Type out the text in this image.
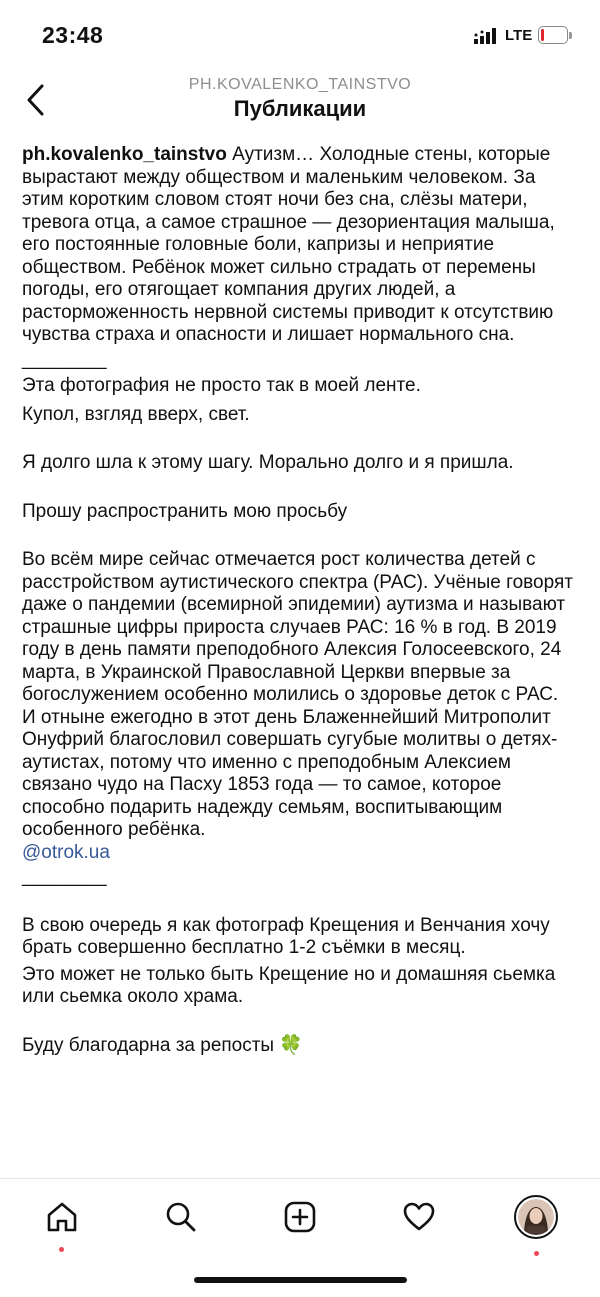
23:48	LTE
PH.KOVALENKO_TAINSTVO
Публикации

ph.kovalenko_tainstvo Аутизм… Холодные стены, которые вырастают между обществом и маленьким человеком. За этим коротким словом стоят ночи без сна, слёзы матери, тревога отца, а самое страшное — дезориентация малыша, его постоянные головные боли, капризы и неприятие обществом. Ребёнок может сильно страдать от перемены погоды, его отягощает компания других людей, а расторможенность нервной системы приводит к отсутствию чувства страха и опасности и лишает нормального сна.

________

Эта фотография не просто так в моей ленте.

Купол, взгляд вверх, свет.

Я долго шла к этому шагу. Морально долго и я пришла.

Прошу распространить мою просьбу

Во всём мире сейчас отмечается рост количества детей с расстройством аутистического спектра (РАС). Учёные говорят даже о пандемии (всемирной эпидемии) аутизма и называют страшные цифры прироста случаев РАС: 16 % в год. В 2019 году в день памяти преподобного Алексия Голосеевского, 24 марта, в Украинской Православной Церкви впервые за богослужением особенно молились о здоровье деток с РАС.

И отныне ежегодно в этот день Блаженнейший Митрополит Онуфрий благословил совершать сугубые молитвы о детях-аутистах, потому что именно с преподобным Алексием связано чудо на Пасху 1853 года — то самое, которое способно подарить надежду семьям, воспитывающим особенного ребёнка.

@otrok.ua

________

В свою очередь я как фотограф Крещения и Венчания хочу брать совершенно бесплатно 1-2 съёмки в месяц.

Это может не только быть Крещение но и домашняя сьемка или сьемка около храма.

Буду благодарна за репосты 🍀
